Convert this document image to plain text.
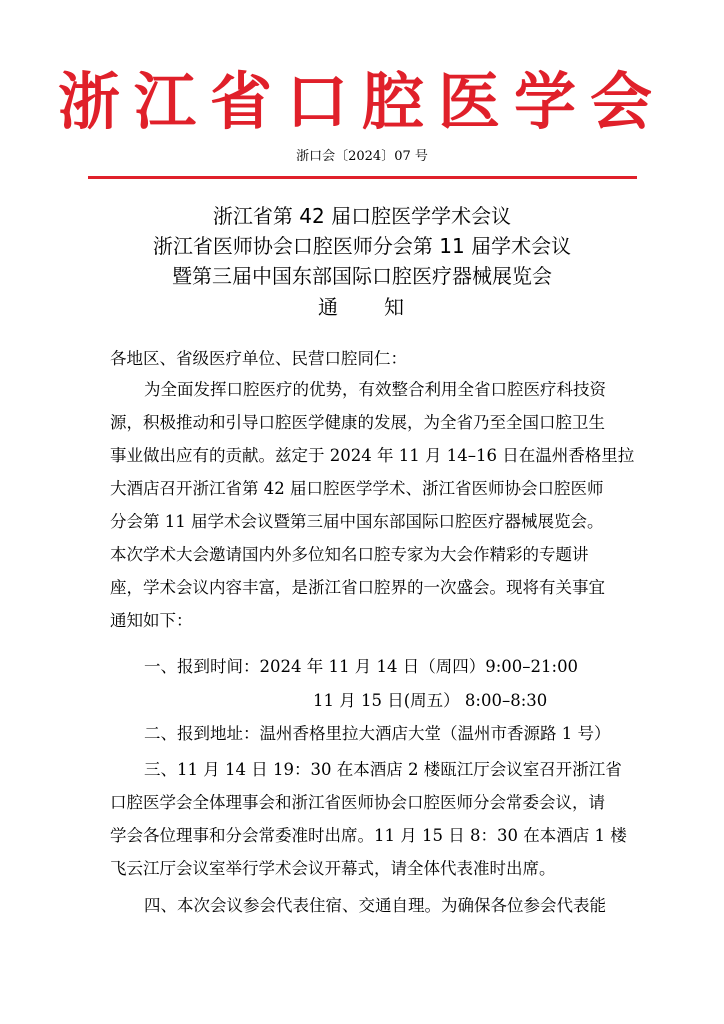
浙江省口腔医学会
浙口会〔2024〕07 号
浙江省第 42 届口腔医学学术会议
浙江省医师协会口腔医师分会第 11 届学术会议
暨第三届中国东部国际口腔医疗器械展览会
通 知
各地区、省级医疗单位、民营口腔同仁：
为全面发挥口腔医疗的优势，有效整合利用全省口腔医疗科技资
源，积极推动和引导口腔医学健康的发展，为全省乃至全国口腔卫生
事业做出应有的贡献。兹定于 2024 年 11 月 14–16 日在温州香格里拉
大酒店召开浙江省第 42 届口腔医学学术、浙江省医师协会口腔医师
分会第 11 届学术会议暨第三届中国东部国际口腔医疗器械展览会。
本次学术大会邀请国内外多位知名口腔专家为大会作精彩的专题讲
座，学术会议内容丰富，是浙江省口腔界的一次盛会。现将有关事宜
通知如下：
一、报到时间：2024 年 11 月 14 日（周四）9:00–21:00
11 月 15 日(周五） 8:00–8:30
二、报到地址：温州香格里拉大酒店大堂（温州市香源路 1 号）
三、11 月 14 日 19：30 在本酒店 2 楼瓯江厅会议室召开浙江省
口腔医学会全体理事会和浙江省医师协会口腔医师分会常委会议，请
学会各位理事和分会常委准时出席。11 月 15 日 8：30 在本酒店 1 楼
飞云江厅会议室举行学术会议开幕式，请全体代表准时出席。
四、本次会议参会代表住宿、交通自理。为确保各位参会代表能
